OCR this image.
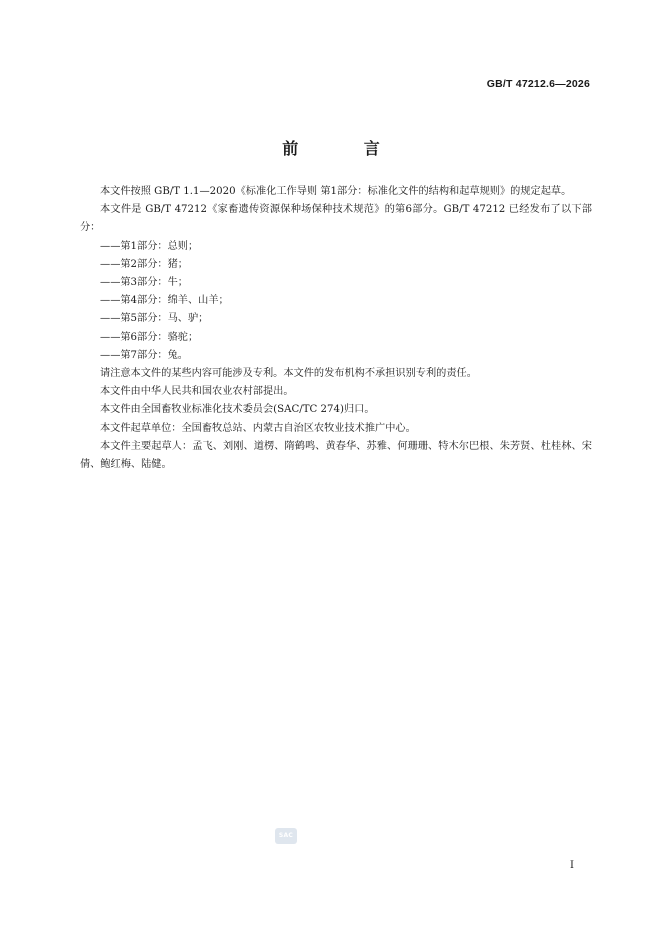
GB/T 47212.6—2026
前 言

本文件按照 GB/T 1.1—2020《标准化工作导则 第1部分：标准化文件的结构和起草规则》的规定起草。

本文件是 GB/T 47212《家畜遗传资源保种场保种技术规范》的第6部分。GB/T 47212 已经发布了以下部分：

——第1部分：总则；

——第2部分：猪；

——第3部分：牛；

——第4部分：绵羊、山羊；

——第5部分：马、驴；

——第6部分：骆驼；

——第7部分：兔。

请注意本文件的某些内容可能涉及专利。本文件的发布机构不承担识别专利的责任。

本文件由中华人民共和国农业农村部提出。

本文件由全国畜牧业标准化技术委员会(SAC/TC 274)归口。

本文件起草单位：全国畜牧总站、内蒙古自治区农牧业技术推广中心。

本文件主要起草人：孟飞、刘刚、道楞、隋鹤鸣、黄春华、苏雅、何珊珊、特木尔巴根、朱芳贤、杜桂林、宋倩、鲍红梅、陆健。

SAC
I
